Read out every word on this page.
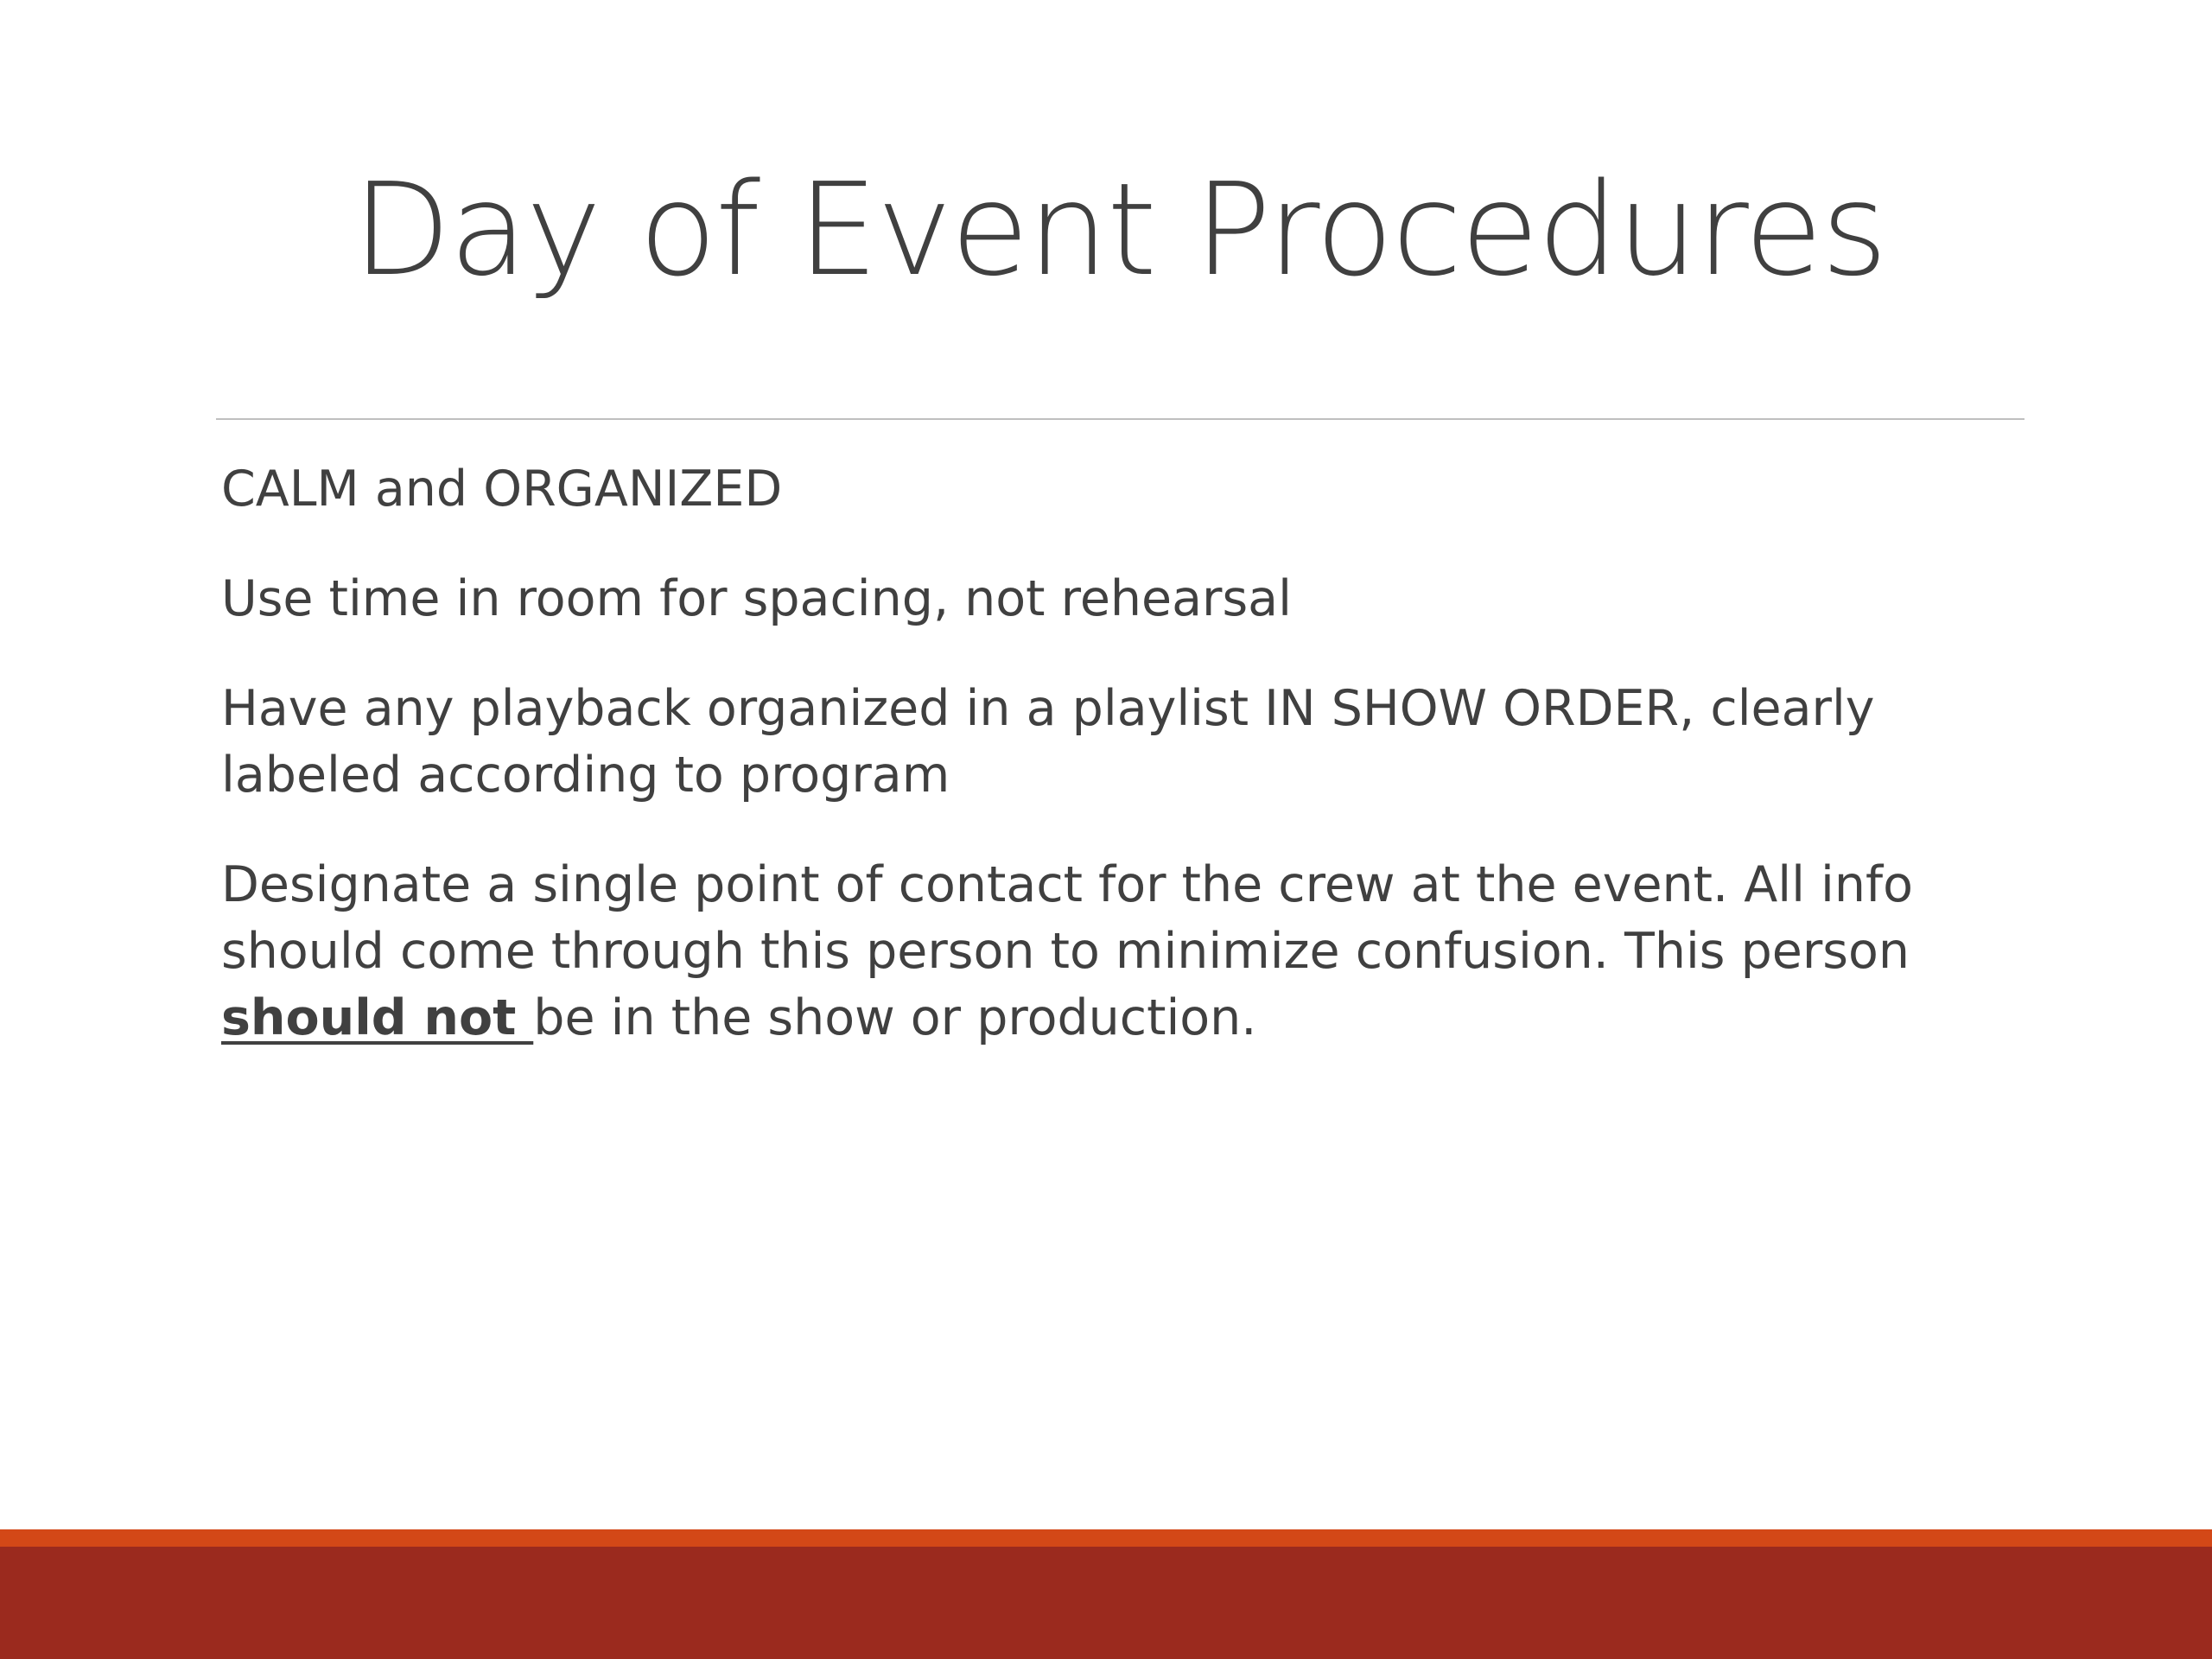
Day of Event Procedures

CALM and ORGANIZED

Use time in room for spacing, not rehearsal

Have any playback organized in a playlist IN SHOW ORDER, clearly labeled according to program

Designate a single point of contact for the crew at the event. All info should come through this person to minimize confusion. This person should not be in the show or production.
